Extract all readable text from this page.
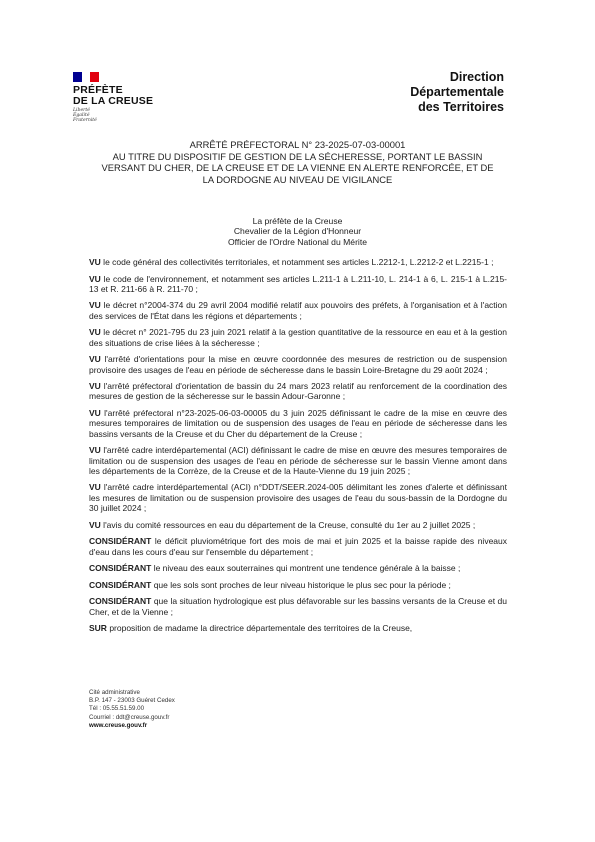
PRÉFÈTE
DE LA CREUSE
Liberté
Égalité
Fraternité
Direction
Départementale
des Territoires
ARRÊTÉ PRÉFECTORAL N° 23-2025-07-03-00001
AU TITRE DU DISPOSITIF DE GESTION DE LA SÉCHERESSE, PORTANT LE BASSIN
VERSANT DU CHER, DE LA CREUSE ET DE LA VIENNE EN ALERTE RENFORCÉE, ET DE
LA DORDOGNE AU NIVEAU DE VIGILANCE
La préfète de la Creuse
Chevalier de la Légion d'Honneur
Officier de l'Ordre National du Mérite
VU le code général des collectivités territoriales, et notamment ses articles L.2212-1, L.2212-2 et L.2215-1 ;
VU le code de l'environnement, et notamment ses articles L.211-1 à L.211-10, L. 214-1 à 6, L. 215-1 à L.215-13 et R. 211-66 à R. 211-70 ;
VU le décret n°2004-374 du 29 avril 2004 modifié relatif aux pouvoirs des préfets, à l'organisation et à l'action des services de l'État dans les régions et départements ;
VU le décret n° 2021-795 du 23 juin 2021 relatif à la gestion quantitative de la ressource en eau et à la gestion des situations de crise liées à la sécheresse ;
VU l'arrêté d'orientations pour la mise en œuvre coordonnée des mesures de restriction ou de suspension provisoire des usages de l'eau en période de sécheresse dans le bassin Loire-Bretagne du 29 août 2024 ;
VU l'arrêté préfectoral d'orientation de bassin du 24 mars 2023 relatif au renforcement de la coordination des mesures de gestion de la sécheresse sur le bassin Adour-Garonne ;
VU l'arrêté préfectoral n°23-2025-06-03-00005 du 3 juin 2025 définissant le cadre de la mise en œuvre des mesures temporaires de limitation ou de suspension des usages de l'eau en période de sécheresse dans les bassins versants de la Creuse et du Cher du département de la Creuse ;
VU l'arrêté cadre interdépartemental (ACI) définissant le cadre de mise en œuvre des mesures temporaires de limitation ou de suspension des usages de l'eau en période de sécheresse sur le bassin Vienne amont dans les départements de la Corrèze, de la Creuse et de la Haute-Vienne du 19 juin 2025 ;
VU l'arrêté cadre interdépartemental (ACI) n°DDT/SEER.2024-005 délimitant les zones d'alerte et définissant les mesures de limitation ou de suspension provisoire des usages de l'eau du sous-bassin de la Dordogne du 30 juillet 2024 ;
VU l'avis du comité ressources en eau du département de la Creuse, consulté du 1er au 2 juillet 2025 ;
CONSIDÉRANT le déficit pluviométrique fort des mois de mai et juin 2025 et la baisse rapide des niveaux d'eau dans les cours d'eau sur l'ensemble du département ;
CONSIDÉRANT le niveau des eaux souterraines qui montrent une tendence générale à la baisse ;
CONSIDÉRANT que les sols sont proches de leur niveau historique le plus sec pour la période ;
CONSIDÉRANT que la situation hydrologique est plus défavorable sur les bassins versants de la Creuse et du Cher, et de la Vienne ;
SUR proposition de madame la directrice départementale des territoires de la Creuse,
Cité administrative
B.P. 147 - 23003 Guéret Cedex
Tél : 05.55.51.59.00
Courriel : ddt@creuse.gouv.fr
www.creuse.gouv.fr
